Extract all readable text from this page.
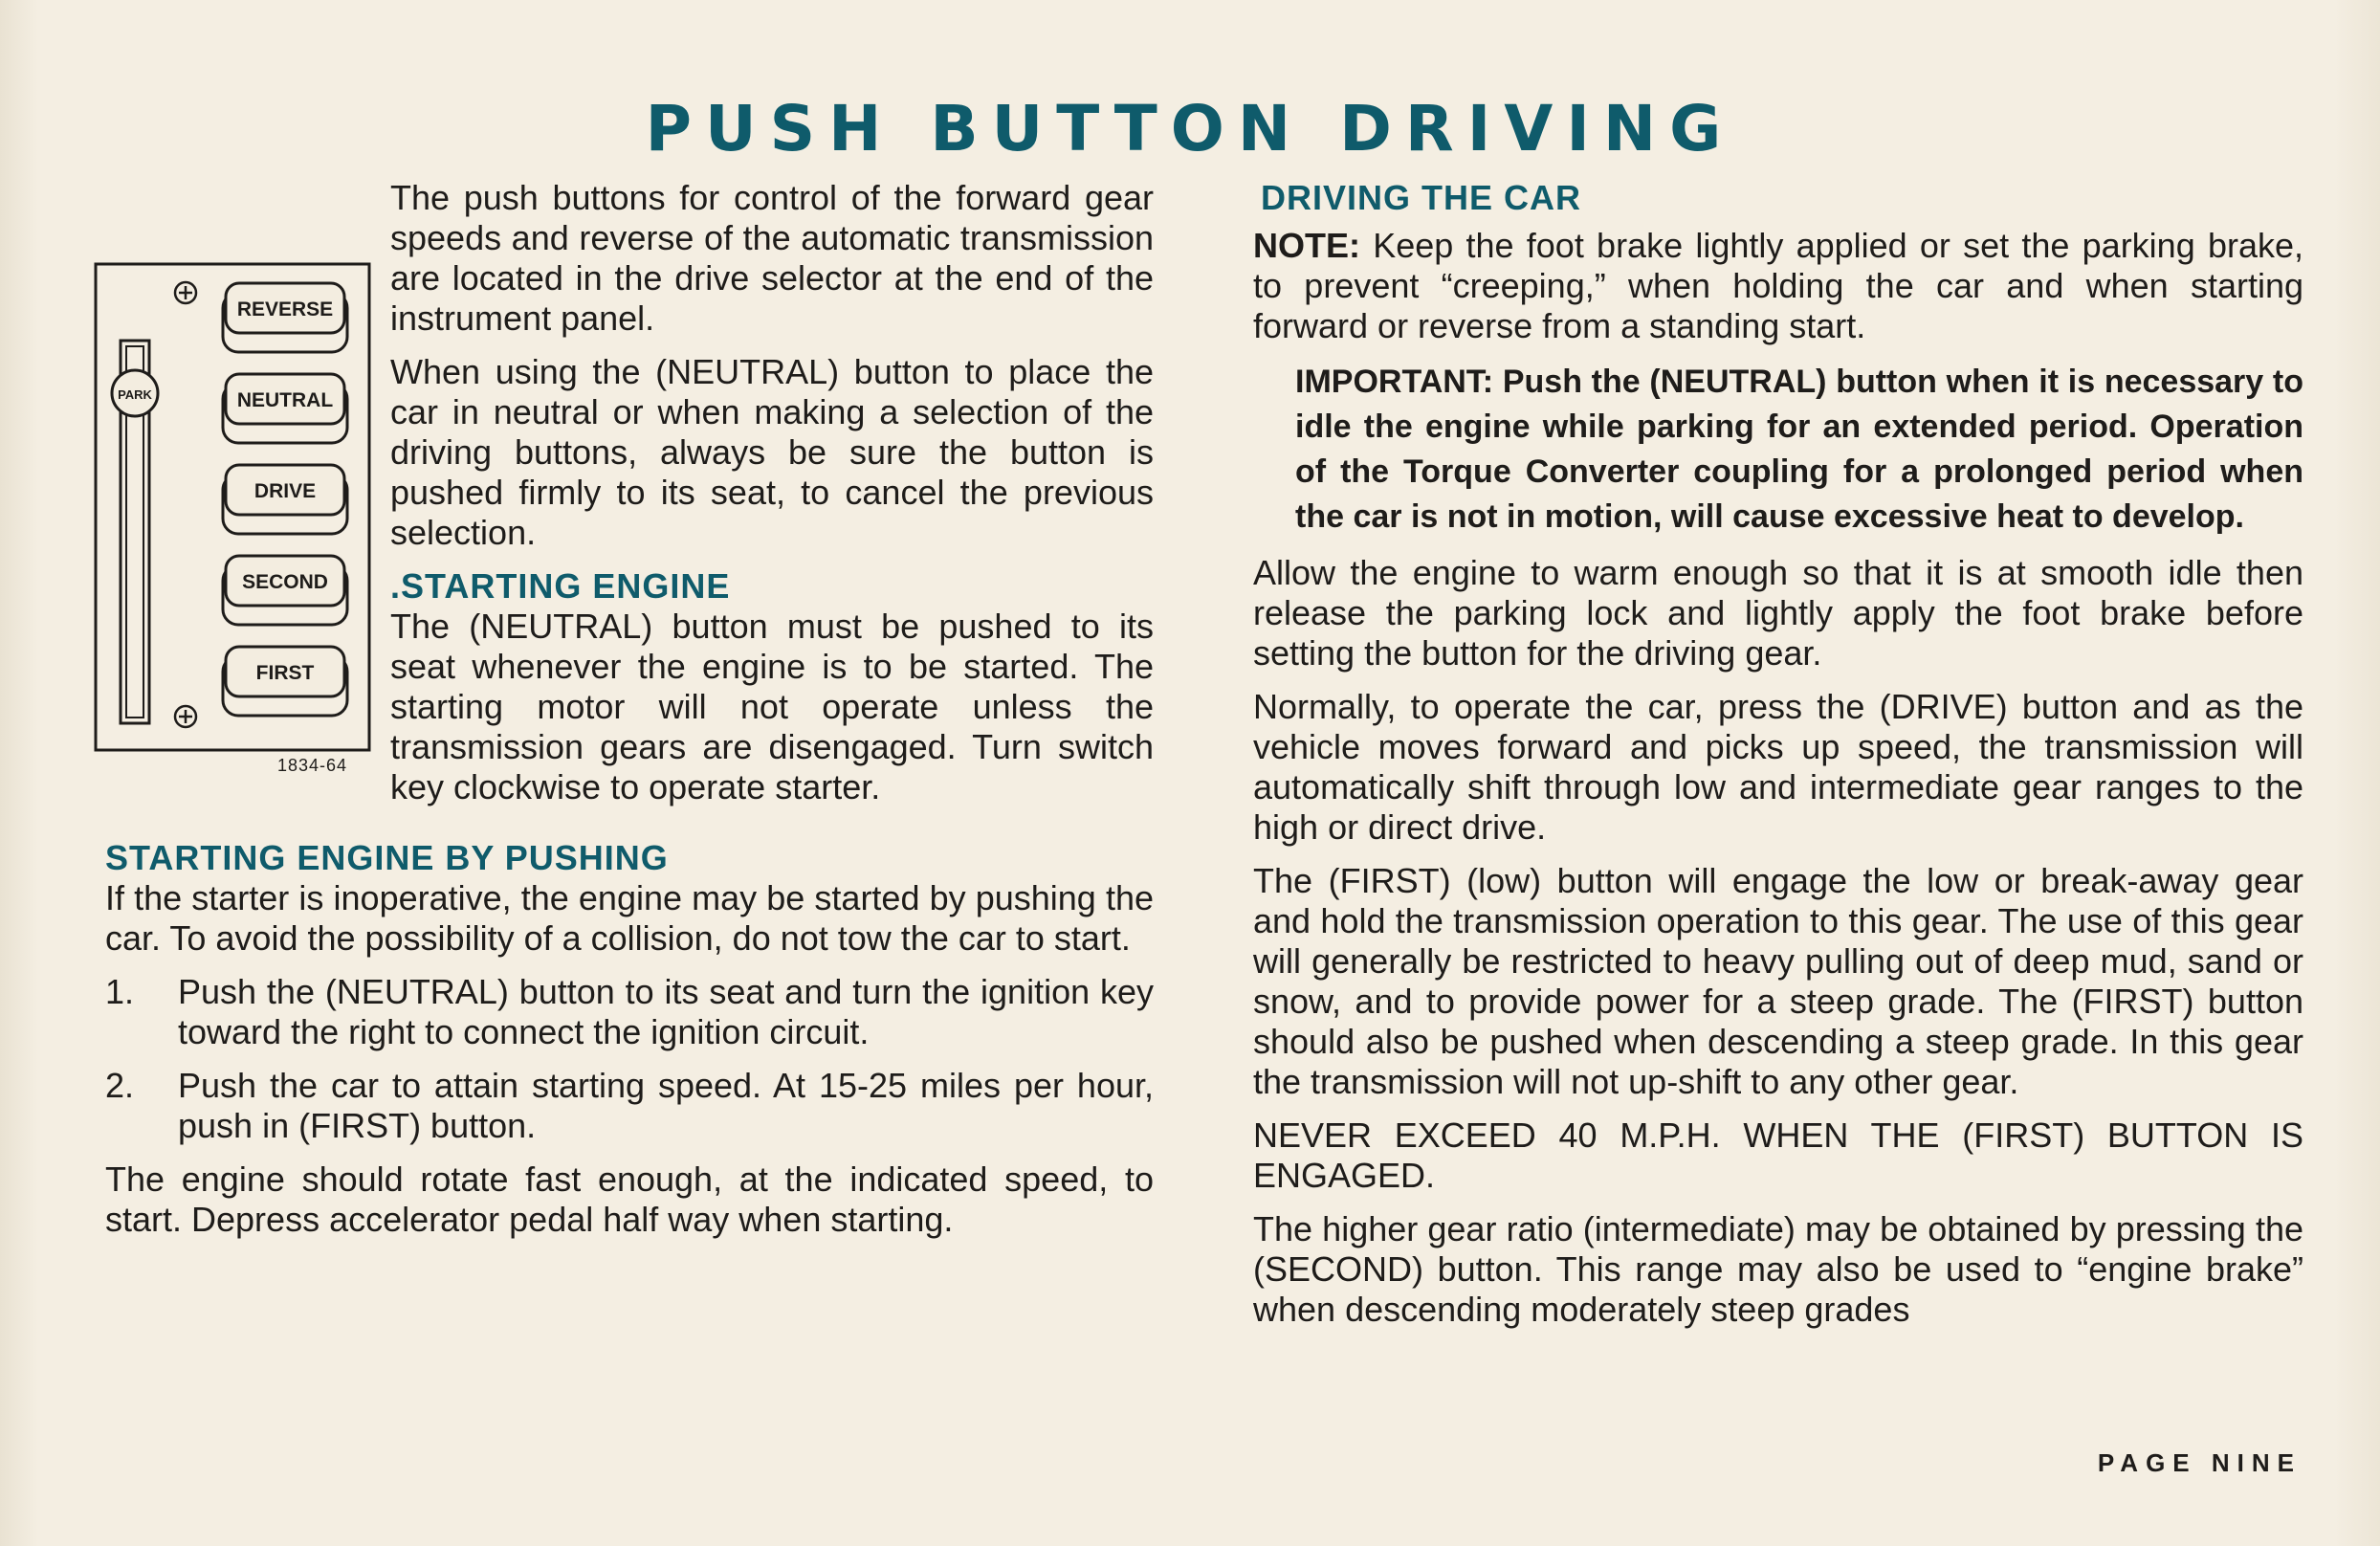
PUSH BUTTON DRIVING
PARK
REVERSE
NEUTRAL
DRIVE
SECOND
FIRST
1834-64

The push buttons for control of the forward gear speeds and reverse of the automatic transmission are located in the drive selector at the end of the instrument panel.

When using the (NEUTRAL) button to place the car in neutral or when making a selection of the driving buttons, always be sure the button is pushed firmly to its seat, to cancel the previous selection.

.STARTING ENGINE

The (NEUTRAL) button must be pushed to its seat whenever the engine is to be started. The starting motor will not operate unless the transmission gears are disengaged. Turn switch key clockwise to operate starter.

STARTING ENGINE BY PUSHING

If the starter is inoperative, the engine may be started by pushing the car. To avoid the possibility of a collision, do not tow the car to start.

1.	Push the (NEUTRAL) button to its seat and turn the ignition key toward the right to connect the ignition circuit.
2.	Push the car to attain starting speed. At 15-25 miles per hour, push in (FIRST) button.

The engine should rotate fast enough, at the indicated speed, to start. Depress accelerator pedal half way when starting.

DRIVING THE CAR

NOTE: Keep the foot brake lightly applied or set the parking brake, to prevent “creeping,” when holding the car and when starting forward or reverse from a standing start.

IMPORTANT: Push the (NEUTRAL) button when it is necessary to idle the engine while parking for an extended period. Operation of the Torque Converter coupling for a prolonged period when the car is not in motion, will cause excessive heat to develop.

Allow the engine to warm enough so that it is at smooth idle then release the parking lock and lightly apply the foot brake before setting the button for the driving gear.

Normally, to operate the car, press the (DRIVE) button and as the vehicle moves forward and picks up speed, the transmission will automatically shift through low and intermediate gear ranges to the high or direct drive.

The (FIRST) (low) button will engage the low or break-away gear and hold the transmission operation to this gear. The use of this gear will generally be restricted to heavy pulling out of deep mud, sand or snow, and to provide power for a steep grade. The (FIRST) button should also be pushed when descending a steep grade. In this gear the transmission will not up-shift to any other gear.

NEVER EXCEED 40 M.P.H. WHEN THE (FIRST) BUTTON IS ENGAGED.

The higher gear ratio (intermediate) may be obtained by pressing the (SECOND) button. This range may also be used to “engine brake” when descending moderately steep grades

PAGE NINE
